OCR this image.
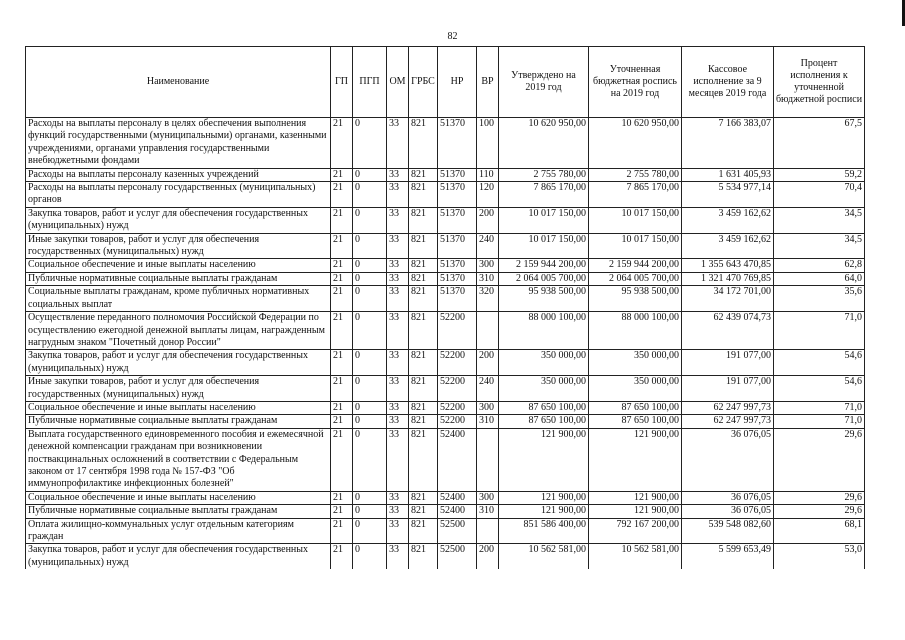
82
Наименование	ГП	ПГП	ОМ	ГРБС	НР	ВР	Утверждено на 2019 год	Уточненная бюджетная роспись на 2019 год	Кассовое исполнение за 9 месяцев 2019 года	Процент исполнения к уточненной бюджетной росписи
Расходы на выплаты персоналу в целях обеспечения выполнения функций государственными (муниципальными) органами, казенными учреждениями, органами управления государственными внебюджетными фондами	21	0	33	821	51370	100	10 620 950,00	10 620 950,00	7 166 383,07	67,5
Расходы на выплаты персоналу казенных учреждений	21	0	33	821	51370	110	2 755 780,00	2 755 780,00	1 631 405,93	59,2
Расходы на выплаты персоналу государственных (муниципальных) органов	21	0	33	821	51370	120	7 865 170,00	7 865 170,00	5 534 977,14	70,4
Закупка товаров, работ и услуг для обеспечения государственных (муниципальных) нужд	21	0	33	821	51370	200	10 017 150,00	10 017 150,00	3 459 162,62	34,5
Иные закупки товаров, работ и услуг для обеспечения государственных (муниципальных) нужд	21	0	33	821	51370	240	10 017 150,00	10 017 150,00	3 459 162,62	34,5
Социальное обеспечение и иные выплаты населению	21	0	33	821	51370	300	2 159 944 200,00	2 159 944 200,00	1 355 643 470,85	62,8
Публичные нормативные социальные выплаты гражданам	21	0	33	821	51370	310	2 064 005 700,00	2 064 005 700,00	1 321 470 769,85	64,0
Социальные выплаты гражданам, кроме публичных нормативных социальных выплат	21	0	33	821	51370	320	95 938 500,00	95 938 500,00	34 172 701,00	35,6
Осуществление переданного полномочия Российской Федерации по осуществлению ежегодной денежной выплаты лицам, награжденным нагрудным знаком "Почетный донор России"	21	0	33	821	52200		88 000 100,00	88 000 100,00	62 439 074,73	71,0
Закупка товаров, работ и услуг для обеспечения государственных (муниципальных) нужд	21	0	33	821	52200	200	350 000,00	350 000,00	191 077,00	54,6
Иные закупки товаров, работ и услуг для обеспечения государственных (муниципальных) нужд	21	0	33	821	52200	240	350 000,00	350 000,00	191 077,00	54,6
Социальное обеспечение и иные выплаты населению	21	0	33	821	52200	300	87 650 100,00	87 650 100,00	62 247 997,73	71,0
Публичные нормативные социальные выплаты гражданам	21	0	33	821	52200	310	87 650 100,00	87 650 100,00	62 247 997,73	71,0
Выплата государственного единовременного пособия и ежемесячной денежной компенсации гражданам при возникновении поствакцинальных осложнений в соответствии с Федеральным законом от 17 сентября 1998 года № 157-ФЗ "Об иммунопрофилактике инфекционных болезней"	21	0	33	821	52400		121 900,00	121 900,00	36 076,05	29,6
Социальное обеспечение и иные выплаты населению	21	0	33	821	52400	300	121 900,00	121 900,00	36 076,05	29,6
Публичные нормативные социальные выплаты гражданам	21	0	33	821	52400	310	121 900,00	121 900,00	36 076,05	29,6
Оплата жилищно-коммунальных услуг отдельным категориям граждан	21	0	33	821	52500		851 586 400,00	792 167 200,00	539 548 082,60	68,1
Закупка товаров, работ и услуг для обеспечения государственных (муниципальных) нужд	21	0	33	821	52500	200	10 562 581,00	10 562 581,00	5 599 653,49	53,0
